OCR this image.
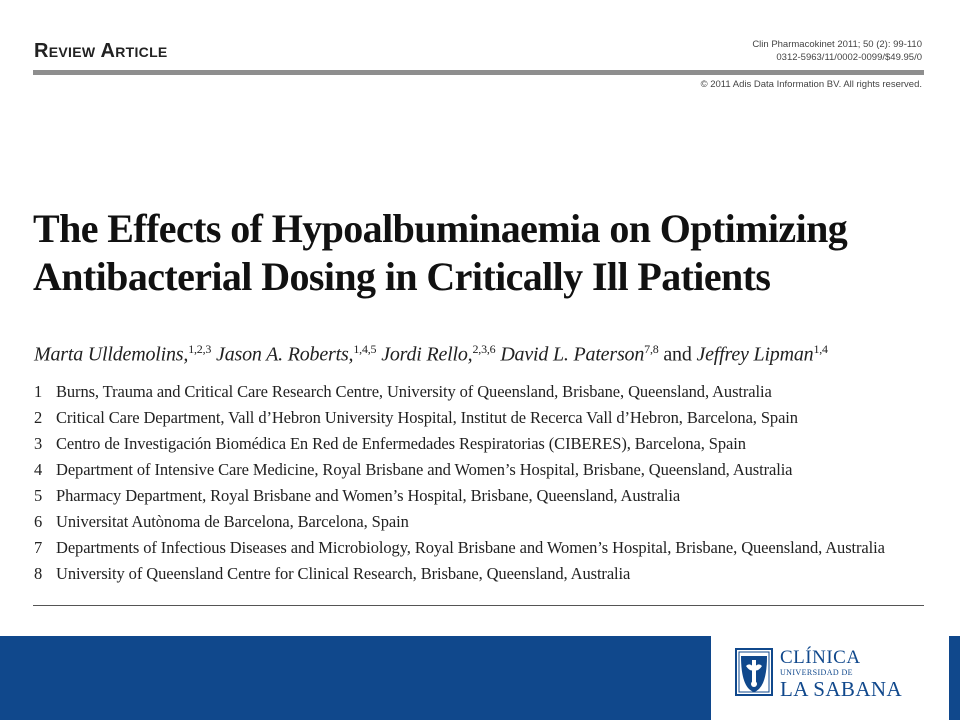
Review Article	Clin Pharmacokinet 2011; 50 (2): 99-110
0312-5963/11/0002-0099/$49.95/0
© 2011 Adis Data Information BV. All rights reserved.
The Effects of Hypoalbuminaemia on Optimizing
Antibacterial Dosing in Critically Ill Patients
Marta Ulldemolins,$^{1,2,3}$ Jason A. Roberts,$^{1,4,5}$ Jordi Rello,$^{2,3,6}$ David L. Paterson$^{7,8}$ and Jeffrey Lipman$^{1,4}$
1 Burns, Trauma and Critical Care Research Centre, University of Queensland, Brisbane, Queensland, Australia
2 Critical Care Department, Vall d’Hebron University Hospital, Institut de Recerca Vall d’Hebron, Barcelona, Spain
3 Centro de Investigación Biomédica En Red de Enfermedades Respiratorias (CIBERES), Barcelona, Spain
4 Department of Intensive Care Medicine, Royal Brisbane and Women’s Hospital, Brisbane, Queensland, Australia
5 Pharmacy Department, Royal Brisbane and Women’s Hospital, Brisbane, Queensland, Australia
6 Universitat Autònoma de Barcelona, Barcelona, Spain
7 Departments of Infectious Diseases and Microbiology, Royal Brisbane and Women’s Hospital, Brisbane, Queensland, Australia
8 University of Queensland Centre for Clinical Research, Brisbane, Queensland, Australia
CLÍNICA
UNIVERSIDAD DE
LA SABANA
